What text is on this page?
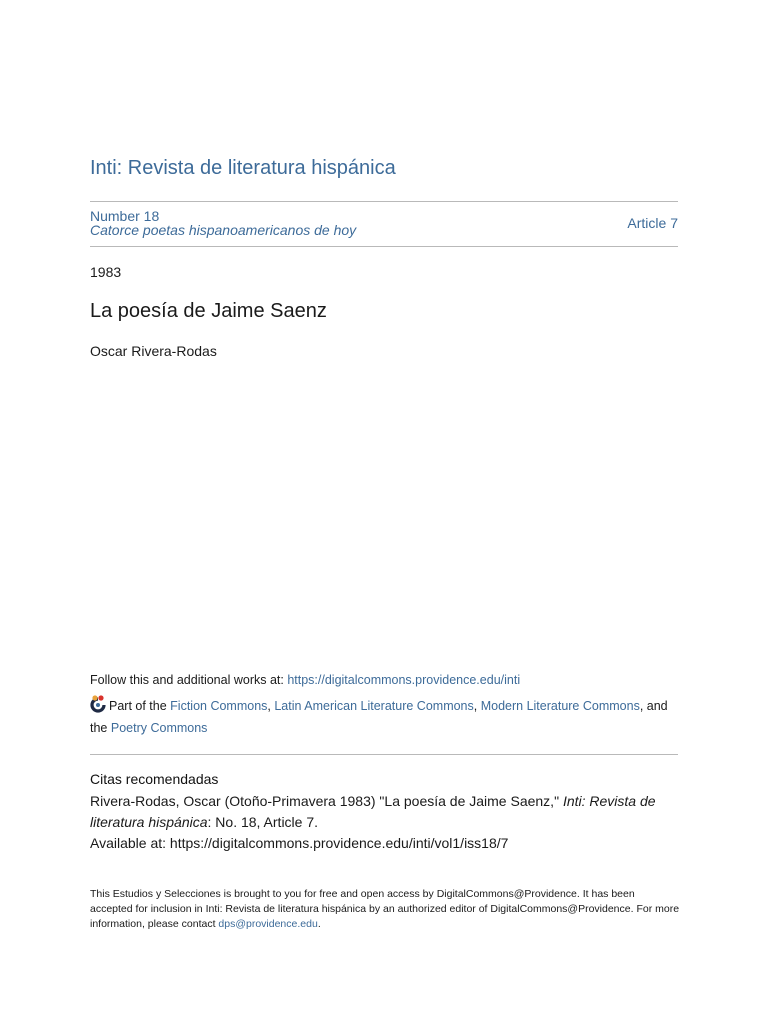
Inti: Revista de literatura hispánica
Number 18
Catorce poetas hispanoamericanos de hoy	Article 7
1983
La poesía de Jaime Saenz
Oscar Rivera-Rodas
Follow this and additional works at: https://digitalcommons.providence.edu/inti
Part of the Fiction Commons, Latin American Literature Commons, Modern Literature Commons, and
the Poetry Commons
Citas recomendadas
Rivera-Rodas, Oscar (Otoño-Primavera 1983) "La poesía de Jaime Saenz," Inti: Revista de literatura hispánica: No. 18, Article 7.
Available at: https://digitalcommons.providence.edu/inti/vol1/iss18/7
This Estudios y Selecciones is brought to you for free and open access by DigitalCommons@Providence. It has been accepted for inclusion in Inti: Revista de literatura hispánica by an authorized editor of DigitalCommons@Providence. For more information, please contact dps@providence.edu.
